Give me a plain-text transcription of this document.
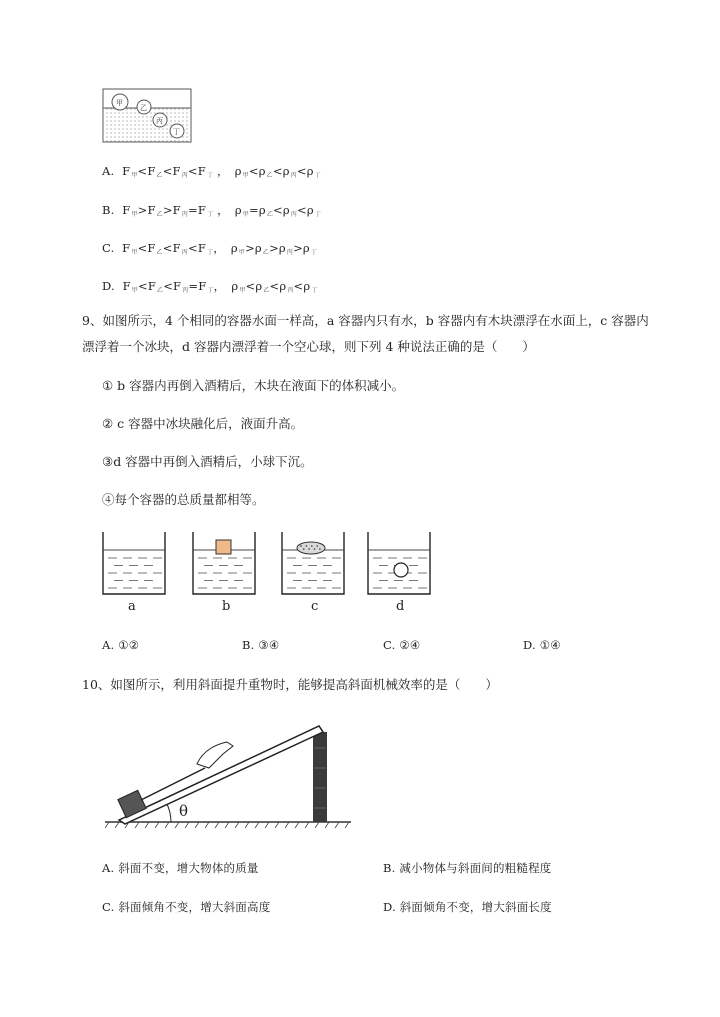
甲
乙
丙
丁
A. $F_甲<F_乙<F_丙<F_丁$ ， $\rho_甲<\rho_乙<\rho_丙<\rho_丁$
B. $F_甲>F_乙>F_丙=F_丁$ ， $\rho_甲=\rho_乙<\rho_丙<\rho_丁$
C. $F_甲<F_乙<F_丙<F_丁$， $\rho_甲>\rho_乙>\rho_丙>\rho_丁$
D. $F_甲<F_乙<F_丙=F_丁$， $\rho_甲<\rho_乙<\rho_丙<\rho_丁$
9、如图所示，4 个相同的容器水面一样高，a 容器内只有水，b 容器内有木块漂浮在水面上，c 容器内
漂浮着一个冰块，d 容器内漂浮着一个空心球，则下列 4 种说法正确的是（　　）
① b 容器内再倒入酒精后，木块在液面下的体积减小。
② c 容器中冰块融化后，液面升高。
③d 容器中再倒入酒精后，小球下沉。
④每个容器的总质量都相等。
a	b	c	d
A. ①②	B. ③④	C. ②④	D. ①④
10、如图所示，利用斜面提升重物时，能够提高斜面机械效率的是（　　）
θ
A. 斜面不变，增大物体的质量	B. 减小物体与斜面间的粗糙程度
C. 斜面倾角不变，增大斜面高度	D. 斜面倾角不变，增大斜面长度
